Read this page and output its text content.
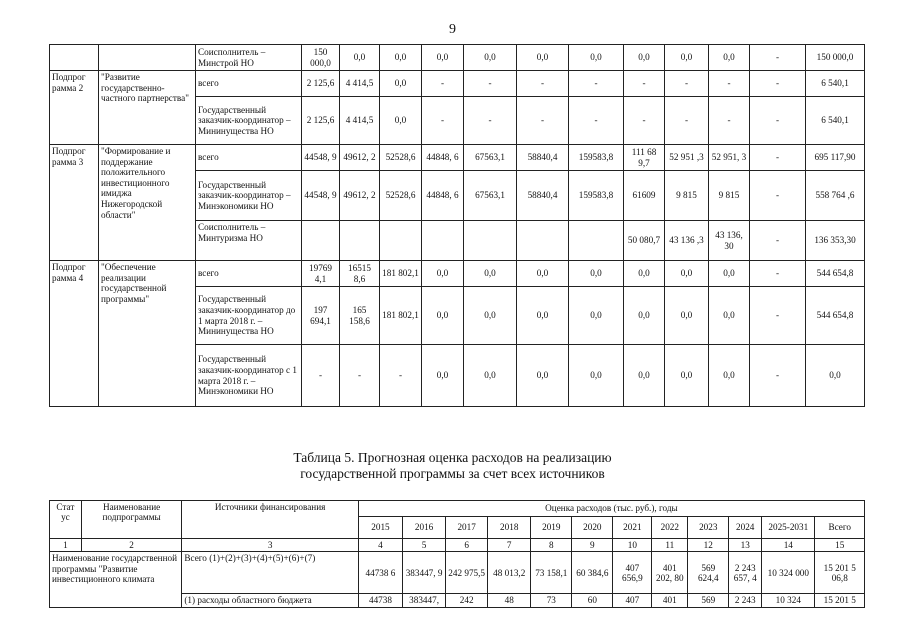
9
		Соисполнитель – Минстрой НО	150 000,0	0,0	0,0	0,0	0,0	0,0	0,0	0,0	0,0	0,0	-	150 000,0
Подпрог рамма 2	"Развитие государственно-частного партнерства"	всего	2 125,6	4 414,5	0,0	-	-	-	-	-	-	-	-	6 540,1
		Государственный заказчик-координатор – Мининущества НО	2 125,6	4 414,5	0,0	-	-	-	-	-	-	-	-	6 540,1
Подпрог рамма 3	"Формирование и поддержание положительного инвестиционного имиджа Нижегородской области"	всего	44548, 9	49612, 2	52528,6	44848, 6	67563,1	58840,4	159583,8	111 68 9,7	52 951 ,3	52 951, 3	-	695 117,90
		Государственный заказчик-координатор – Минэкономики НО	44548, 9	49612, 2	52528,6	44848, 6	67563,1	58840,4	159583,8	61609	9 815	9 815	-	558 764 ,6
		Соисполнитель – Минтуризма НО								50 080,7	43 136 ,3	43 136, 30	-	136 353,30
Подпрог рамма 4	"Обеспечение реализации государственной программы"	всего	19769 4,1	16515 8,6	181 802,1	0,0	0,0	0,0	0,0	0,0	0,0	0,0	-	544 654,8
		Государственный заказчик-координатор до 1 марта 2018 г. – Мининущества НО	197 694,1	165 158,6	181 802,1	0,0	0,0	0,0	0,0	0,0	0,0	0,0	-	544 654,8
		Государственный заказчик-координатор с 1 марта 2018 г. – Минэкономики НО	-	-	-	0,0	0,0	0,0	0,0	0,0	0,0	0,0	-	0,0
Таблица 5. Прогнозная оценка расходов на реализацию
государственной программы за счет всех источников
Стат ус	Наименование подпрограммы	Источники финансирования	Оценка расходов (тыс. руб.), годы											
			2015	2016	2017	2018	2019	2020	2021	2022	2023	2024	2025-2031	Всего
1	2	3	4	5	6	7	8	9	10	11	12	13	14	15
Наименование государственной программы "Развитие инвестиционного климата		Всего (1)+(2)+(3)+(4)+(5)+(6)+(7)	44738 6	383447, 9	242 975,5	48 013,2	73 158,1	60 384,6	407 656,9	401 202, 80	569 624,4	2 243 657, 4	10 324 000	15 201 5 06,8
		(1) расходы областного бюджета	44738	383447,	242	48	73	60	407	401	569	2 243	10 324	15 201 5
